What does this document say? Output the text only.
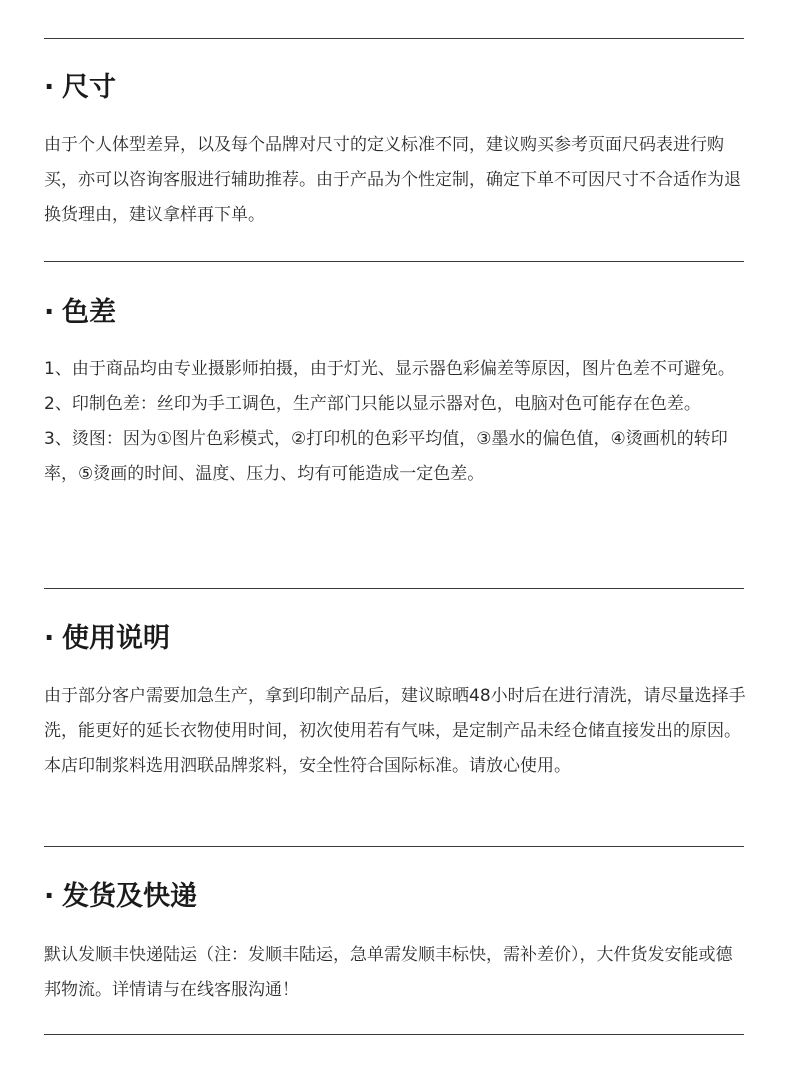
· 尺寸

由于个人体型差异，以及每个品牌对尺寸的定义标准不同，建议购买参考页面尺码表进行购买，亦可以咨询客服进行辅助推荐。由于产品为个性定制，确定下单不可因尺寸不合适作为退换货理由，建议拿样再下单。

· 色差

1、由于商品均由专业摄影师拍摄，由于灯光、显示器色彩偏差等原因，图片色差不可避免。

2、印制色差：丝印为手工调色，生产部门只能以显示器对色，电脑对色可能存在色差。

3、烫图：因为①图片色彩模式，②打印机的色彩平均值，③墨水的偏色值，④烫画机的转印率，⑤烫画的时间、温度、压力、均有可能造成一定色差。

· 使用说明

由于部分客户需要加急生产，拿到印制产品后，建议晾晒48小时后在进行清洗，请尽量选择手洗，能更好的延长衣物使用时间，初次使用若有气味，是定制产品未经仓储直接发出的原因。

本店印制浆料选用泗联品牌浆料，安全性符合国际标准。请放心使用。

· 发货及快递

默认发顺丰快递陆运（注：发顺丰陆运，急单需发顺丰标快，需补差价），大件货发安能或德邦物流。详情请与在线客服沟通！
